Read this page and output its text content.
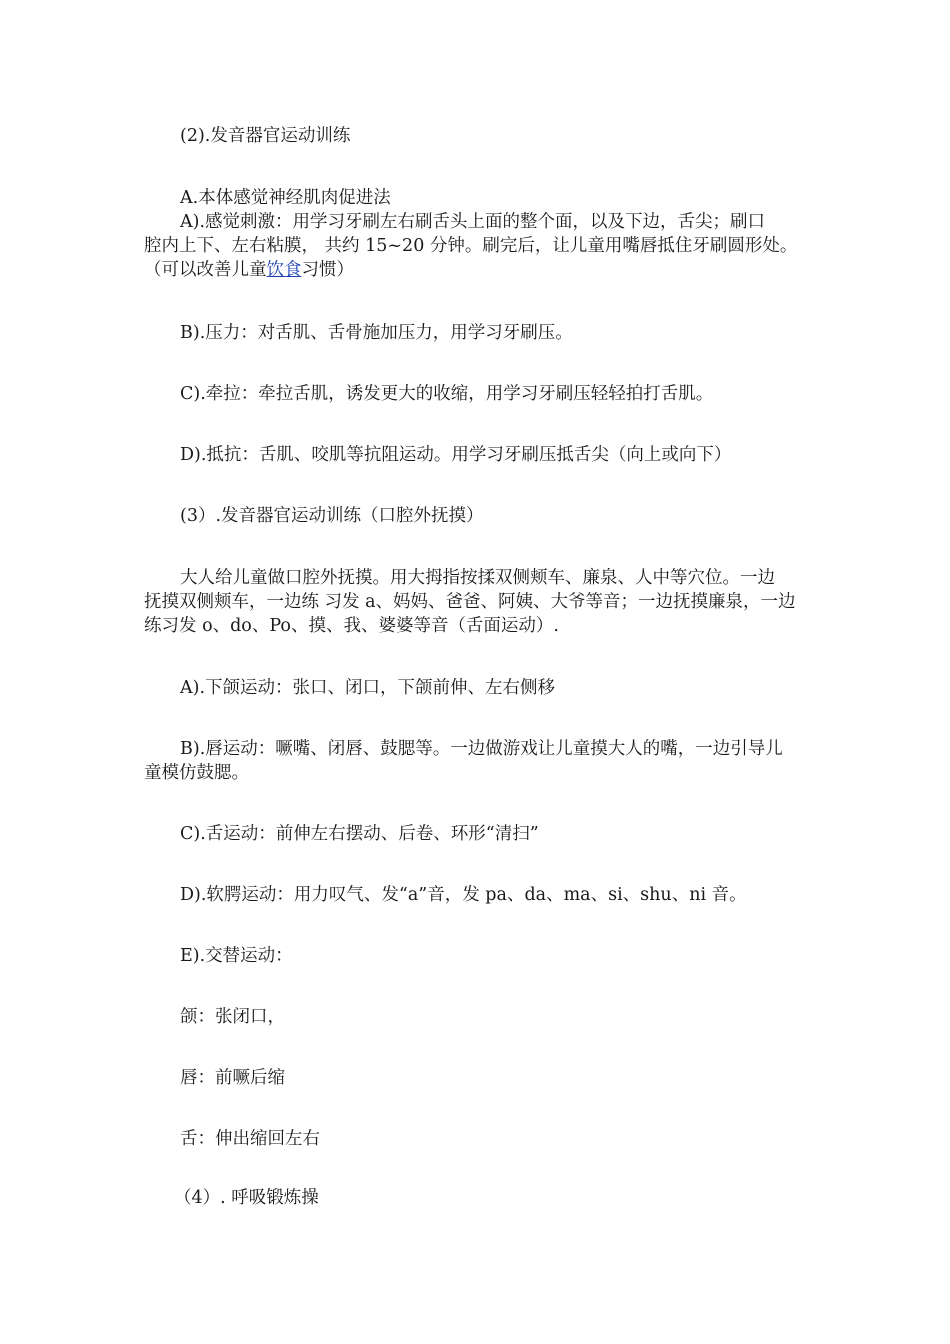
(2).发音器官运动训练
A.本体感觉神经肌肉促进法
A).感觉刺激：用学习牙刷左右刷舌头上面的整个面，以及下边，舌尖；刷口
腔内上下、左右粘膜， 共约 15~20 分钟。刷完后，让儿童用嘴唇抵住牙刷圆形处。
（可以改善儿童饮食习惯）
B).压力：对舌肌、舌骨施加压力，用学习牙刷压。
C).牵拉：牵拉舌肌，诱发更大的收缩，用学习牙刷压轻轻拍打舌肌。
D).抵抗：舌肌、咬肌等抗阻运动。用学习牙刷压抵舌尖（向上或向下）
(3）.发音器官运动训练（口腔外抚摸）
大人给儿童做口腔外抚摸。用大拇指按揉双侧颊车、廉泉、人中等穴位。一边
抚摸双侧颊车，一边练 习发 a、妈妈、爸爸、阿姨、大爷等音；一边抚摸廉泉，一边
练习发 o、do、Po、摸、我、婆婆等音（舌面运动）.
A).下颌运动：张口、闭口，下颌前伸、左右侧移
B).唇运动：噘嘴、闭唇、鼓腮等。一边做游戏让儿童摸大人的嘴，一边引导儿
童模仿鼓腮。
C).舌运动：前伸左右摆动、后卷、环形“清扫”
D).软腭运动：用力叹气、发“a”音，发 pa、da、ma、si、shu、ni 音。
E).交替运动：
颌：张闭口，
唇：前噘后缩
舌：伸出缩回左右
（4）. 呼吸锻炼操
